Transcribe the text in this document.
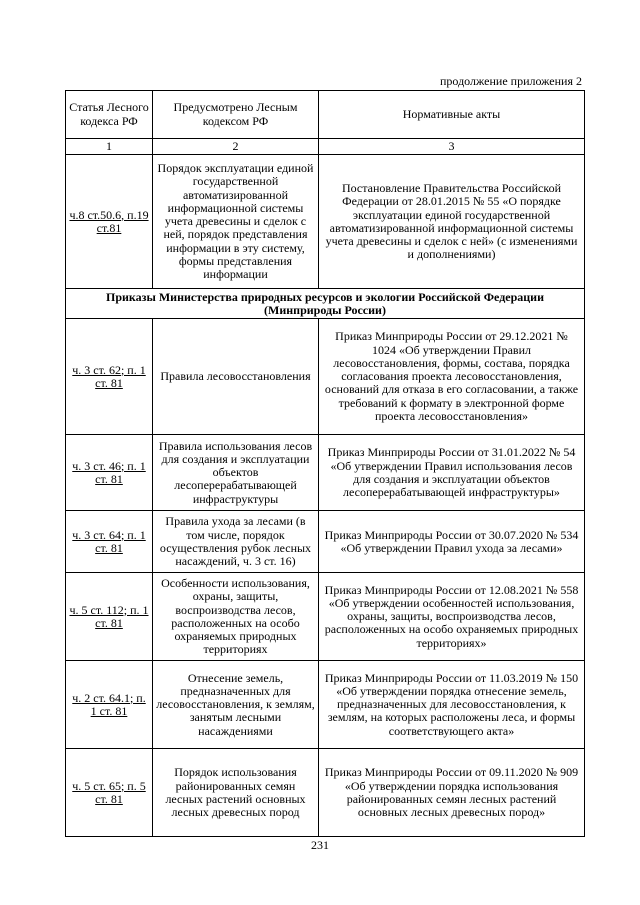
продолжение приложения 2
Статья Лесного кодекса РФ	Предусмотрено Лесным кодексом РФ	Нормативные акты
1	2	3
ч.8 ст.50.6, п.19 ст.81	Порядок эксплуатации единой государственной автоматизированной информационной системы учета древесины и сделок с ней, порядок представления информации в эту систему, формы представления информации	Постановление Правительства Российской Федерации от 28.01.2015 № 55 «О порядке эксплуатации единой государственной автоматизированной информационной системы учета древесины и сделок с ней» (с изменениями и дополнениями)
Приказы Министерства природных ресурсов и экологии Российской Федерации (Минприроды России)		
ч. 3 ст. 62; п. 1 ст. 81	Правила лесовосстановления	Приказ Минприроды России от 29.12.2021 № 1024 «Об утверждении Правил лесовосстановления, формы, состава, порядка согласования проекта лесовосстановления, оснований для отказа в его согласовании, а также требований к формату в электронной форме проекта лесовосстановления»
ч. 3 ст. 46; п. 1 ст. 81	Правила использования лесов для создания и эксплуатации объектов лесоперерабатывающей инфраструктуры	Приказ Минприроды России от 31.01.2022 № 54 «Об утверждении Правил использования лесов для создания и эксплуатации объектов лесоперерабатывающей инфраструктуры»
ч. 3 ст. 64; п. 1 ст. 81	Правила ухода за лесами (в том числе, порядок осуществления рубок лесных насаждений, ч. 3 ст. 16)	Приказ Минприроды России от 30.07.2020 № 534 «Об утверждении Правил ухода за лесами»
ч. 5 ст. 112; п. 1 ст. 81	Особенности использования, охраны, защиты, воспроизводства лесов, расположенных на особо охраняемых природных территориях	Приказ Минприроды России от 12.08.2021 № 558 «Об утверждении особенностей использования, охраны, защиты, воспроизводства лесов, расположенных на особо охраняемых природных территориях»
ч. 2 ст. 64.1; п. 1 ст. 81	Отнесение земель, предназначенных для лесовосстановления, к землям, занятым лесными насаждениями	Приказ Минприроды России от 11.03.2019 № 150 «Об утверждении порядка отнесение земель, предназначенных для лесовосстановления, к землям, на которых расположены леса, и формы соответствующего акта»
ч. 5 ст. 65; п. 5 ст. 81	Порядок использования районированных семян лесных растений основных лесных древесных пород	Приказ Минприроды России от 09.11.2020 № 909 «Об утверждении порядка использования районированных семян лесных растений основных лесных древесных пород»
231
